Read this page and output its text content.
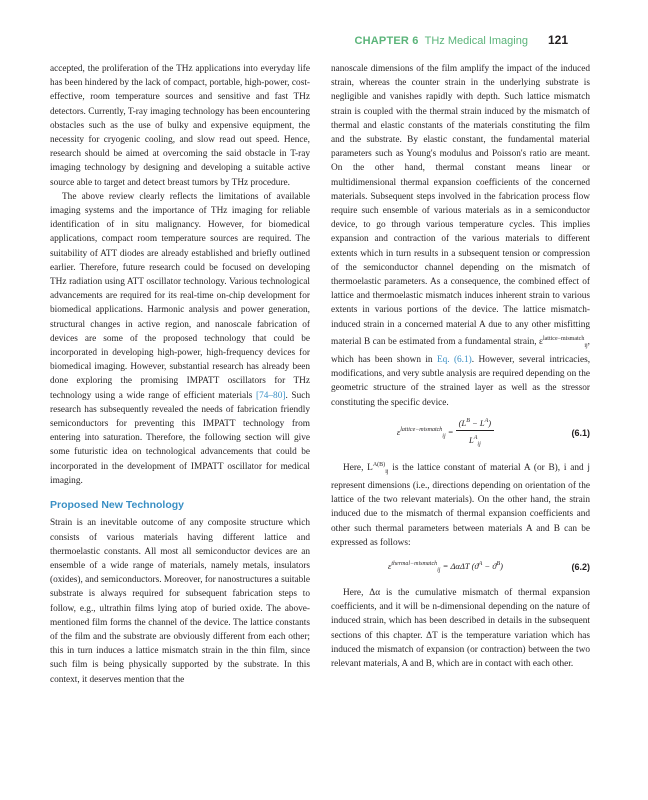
CHAPTER 6 THz Medical Imaging 121

accepted, the proliferation of the THz applications into everyday life has been hindered by the lack of compact, portable, high-power, cost-effective, room temperature sources and sensitive and fast THz detectors. Currently, T-ray imaging technology has been encountering obstacles such as the use of bulky and expensive equipment, the necessity for cryogenic cooling, and slow read out speed. Hence, research should be aimed at overcoming the said obstacle in T-ray imaging technology by designing and developing a suitable active source able to target and detect breast tumors by THz procedure.

The above review clearly reflects the limitations of available imaging systems and the importance of THz imaging for reliable identification of in situ malignancy. However, for biomedical applications, compact room temperature sources are required. The suitability of ATT diodes are already established and briefly outlined earlier. Therefore, future research could be focused on developing THz radiation using ATT oscillator technology. Various technological advancements are required for its real-time on-chip development for biomedical applications. Harmonic analysis and power generation, structural changes in active region, and nanoscale fabrication of devices are some of the proposed technology that could be incorporated in developing high-power, high-frequency devices for biomedical imaging. However, substantial research has already been done exploring the promising IMPATT oscillators for THz technology using a wide range of efficient materials [74–80]. Such research has subsequently revealed the needs of fabrication friendly semiconductors for preventing this IMPATT technology from entering into saturation. Therefore, the following section will give some futuristic idea on technological advancements that could be incorporated in the development of IMPATT oscillator for medical imaging.

Proposed New Technology

Strain is an inevitable outcome of any composite structure which consists of various materials having different lattice and thermoelastic constants. All most all semiconductor devices are an ensemble of a wide range of materials, namely metals, insulators (oxides), and semiconductors. Moreover, for nanostructures a suitable substrate is always required for subsequent fabrication steps to follow, e.g., ultrathin films lying atop of buried oxide. The above-mentioned film forms the channel of the device. The lattice constants of the film and the substrate are obviously different from each other; this in turn induces a lattice mismatch strain in the thin film, since such film is being physically supported by the substrate. In this context, it deserves mention that the

nanoscale dimensions of the film amplify the impact of the induced strain, whereas the counter strain in the underlying substrate is negligible and vanishes rapidly with depth. Such lattice mismatch strain is coupled with the thermal strain induced by the mismatch of thermal and elastic constants of the materials constituting the film and the substrate. By elastic constant, the fundamental material parameters such as Young's modulus and Poisson's ratio are meant. On the other hand, thermal constant means linear or multidimensional thermal expansion coefficients of the concerned materials. Subsequent steps involved in the fabrication process flow require such ensemble of various materials as in a semiconductor device, to go through various temperature cycles. This implies expansion and contraction of the various materials to different extents which in turn results in a subsequent tension or compression of the semiconductor channel depending on the mismatch of thermoelastic parameters. As a consequence, the combined effect of lattice and thermoelastic mismatch induces inherent strain to various extents in various portions of the device. The lattice mismatch-induced strain in a concerned material A due to any other misfitting material B can be estimated from a fundamental strain, $\varepsilon^{lattice-mismatch}_{ij}$, which has been shown in Eq. (6.1). However, several intricacies, modifications, and very subtle analysis are required depending on the geometric structure of the strained layer as well as the stressor constituting the specific device.

$\varepsilon^{lattice-mismatch}_{ij} = \frac{(L^B - L^A)}{L^A_{ij}}$	(6.1)

Here, $L^{A(B)}_{ij}$ is the lattice constant of material A (or B), i and j represent dimensions (i.e., directions depending on orientation of the lattice of the two relevant materials). On the other hand, the strain induced due to the mismatch of thermal expansion coefficients and other such thermal parameters between materials A and B can be expressed as follows:

$\varepsilon^{thermal-mismatch}_{ij} = \Delta\alpha\Delta T$ $(ϑ^A - ϑ^B)$	(6.2)

Here, Δα is the cumulative mismatch of thermal expansion coefficients, and it will be n-dimensional depending on the nature of induced strain, which has been described in details in the subsequent sections of this chapter. ΔT is the temperature variation which has induced the mismatch of expansion (or contraction) between the two relevant materials, A and B, which are in contact with each other.
